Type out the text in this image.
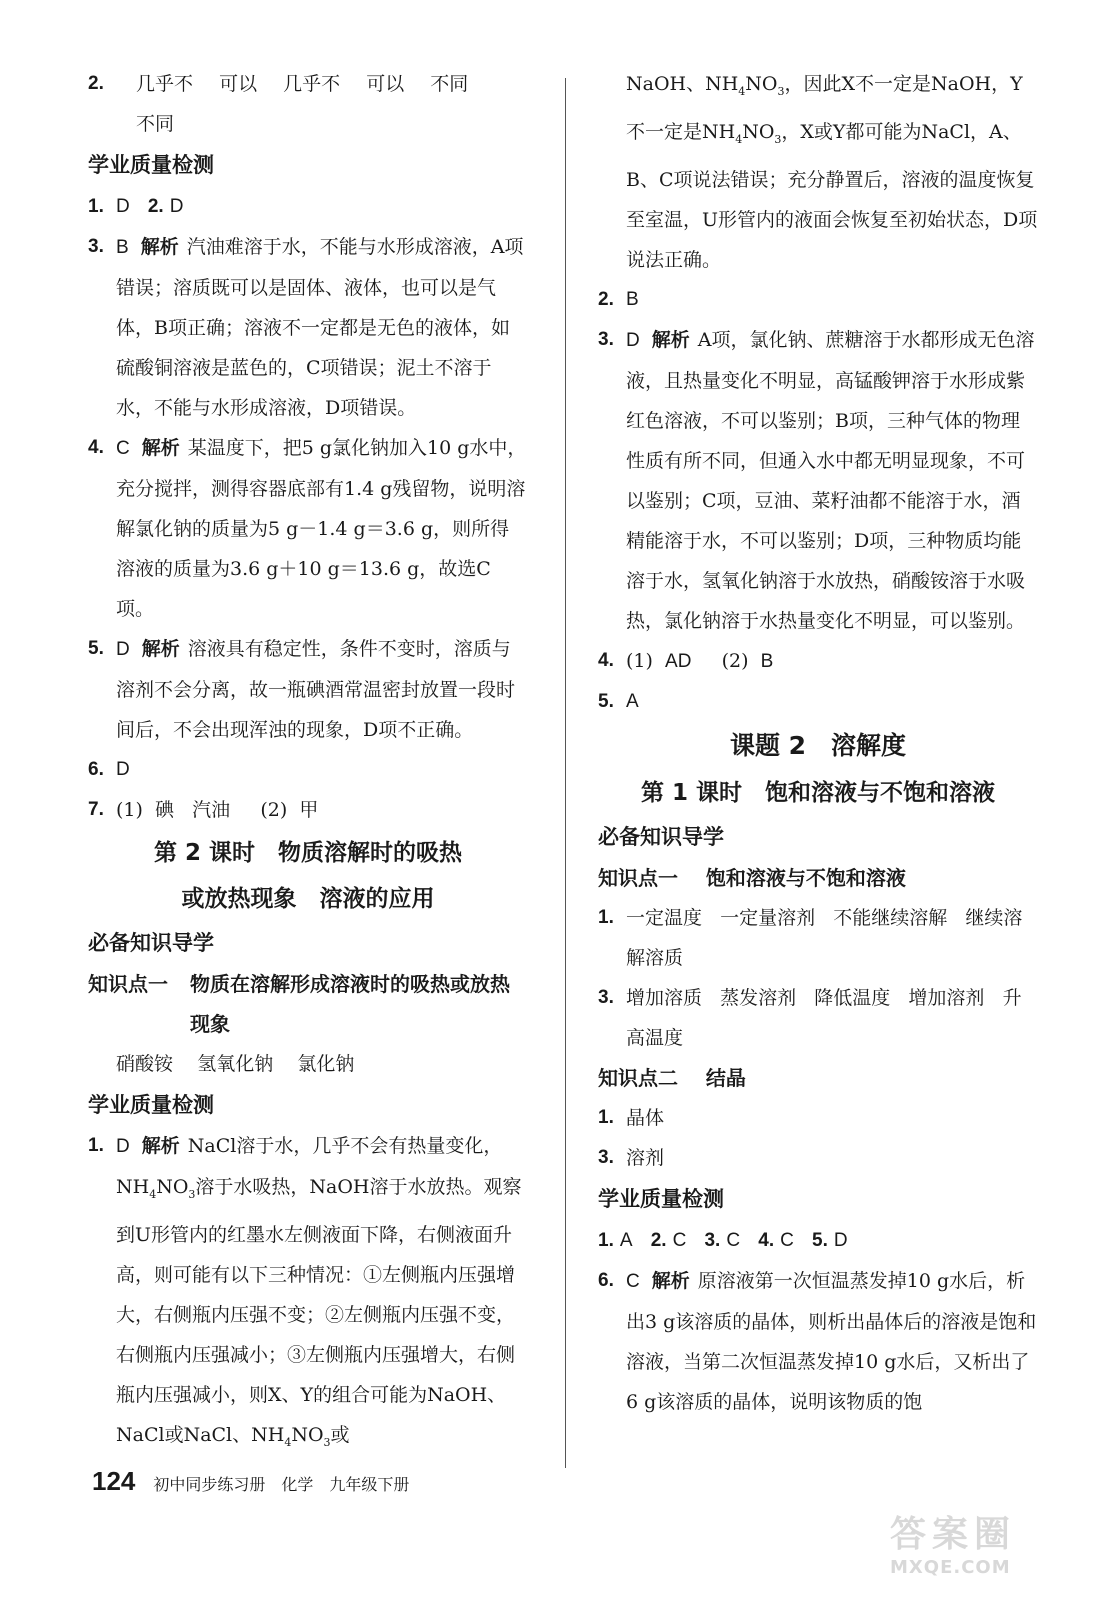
2.	几乎不 可以 几乎不 可以 不同 不同

学业质量检测

1. D 2. D

3. B 解析 汽油难溶于水，不能与水形成溶液，A项错误；溶质既可以是固体、液体，也可以是气体，B项正确；溶液不一定都是无色的液体，如硫酸铜溶液是蓝色的，C项错误；泥土不溶于水，不能与水形成溶液，D项错误。

4. C 解析 某温度下，把5 g氯化钠加入10 g水中，充分搅拌，测得容器底部有1.4 g残留物，说明溶解氯化钠的质量为5 g－1.4 g＝3.6 g，则所得溶液的质量为3.6 g＋10 g＝13.6 g，故选C项。

5. D 解析 溶液具有稳定性，条件不变时，溶质与溶剂不会分离，故一瓶碘酒常温密封放置一段时间后，不会出现浑浊的现象，D项不正确。

6. D

7. (1) 碘 汽油 (2) 甲

第 2 课时　物质溶解时的吸热

或放热现象　溶液的应用

必备知识导学

知识点一 物质在溶解形成溶液时的吸热或放热现象

硝酸铵 氢氧化钠 氯化钠

学业质量检测

1. D 解析 NaCl溶于水，几乎不会有热量变化，$NH_4NO_3$溶于水吸热，NaOH溶于水放热。观察到U形管内的红墨水左侧液面下降，右侧液面升高，则可能有以下三种情况：①左侧瓶内压强增大，右侧瓶内压强不变；②左侧瓶内压强不变，右侧瓶内压强减小；③左侧瓶内压强增大，右侧瓶内压强减小，则X、Y的组合可能为NaOH、NaCl或NaCl、$NH_4NO_3$或

NaOH、$NH_4NO_3$，因此X不一定是NaOH，Y不一定是$NH_4NO_3$，X或Y都可能为NaCl，A、B、C项说法错误；充分静置后，溶液的温度恢复至室温，U形管内的液面会恢复至初始状态，D项说法正确。

2. B

3. D 解析 A项，氯化钠、蔗糖溶于水都形成无色溶液，且热量变化不明显，高锰酸钾溶于水形成紫红色溶液，不可以鉴别；B项，三种气体的物理性质有所不同，但通入水中都无明显现象，不可以鉴别；C项，豆油、菜籽油都不能溶于水，酒精能溶于水，不可以鉴别；D项，三种物质均能溶于水，氢氧化钠溶于水放热，硝酸铵溶于水吸热，氯化钠溶于水热量变化不明显，可以鉴别。

4. (1) AD (2) B

5. A

课题 2　溶解度

第 1 课时　饱和溶液与不饱和溶液

必备知识导学

知识点一 饱和溶液与不饱和溶液

1. 一定温度 一定量溶剂 不能继续溶解 继续溶解溶质

3. 增加溶质 蒸发溶剂 降低温度 增加溶剂 升高温度

知识点二 结晶

1. 晶体

3. 溶剂

学业质量检测

1. A 2. C 3. C 4. C 5. D

6. C 解析 原溶液第一次恒温蒸发掉10 g水后，析出3 g该溶质的晶体，则析出晶体后的溶液是饱和溶液，当第二次恒温蒸发掉10 g水后，又析出了6 g该溶质的晶体，说明该物质的饱

124 初中同步练习册　化学　九年级下册
答案圈
MXQE.COM
